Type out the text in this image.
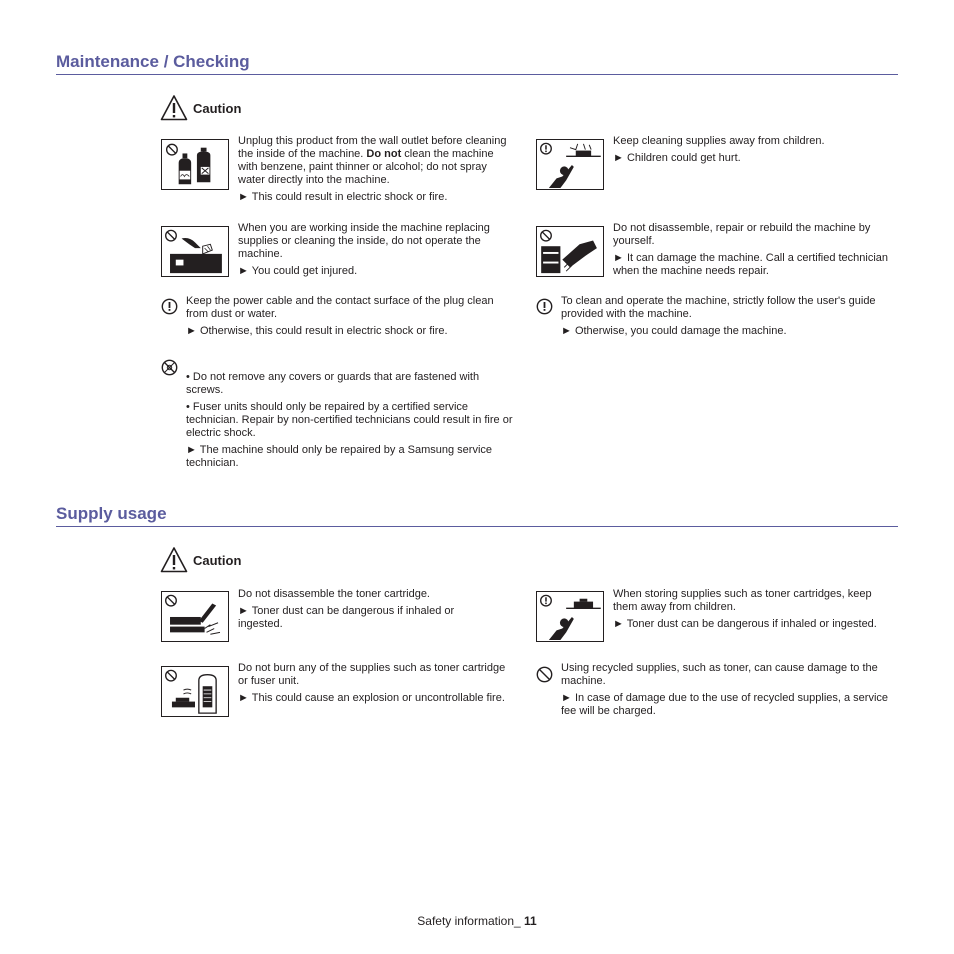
Maintenance / Checking
Caution

Unplug this product from the wall outlet before cleaning the inside of the machine. Do not clean the machine with benzene, paint thinner or alcohol; do not spray water directly into the machine.

► This could result in electric shock or fire.

Keep cleaning supplies away from children.

► Children could get hurt.

When you are working inside the machine replacing supplies or cleaning the inside, do not operate the machine.

► You could get injured.

Do not disassemble, repair or rebuild the machine by yourself.

► It can damage the machine. Call a certified technician when the machine needs repair.

Keep the power cable and the contact surface of the plug clean from dust or water.

► Otherwise, this could result in electric shock or fire.

To clean and operate the machine, strictly follow the user's guide provided with the machine.

► Otherwise, you could damage the machine.

• Do not remove any covers or guards that are fastened with screws.

• Fuser units should only be repaired by a certified service technician. Repair by non-certified technicians could result in fire or electric shock.

► The machine should only be repaired by a Samsung service technician.

Supply usage
Caution

Do not disassemble the toner cartridge.

► Toner dust can be dangerous if inhaled or ingested.

When storing supplies such as toner cartridges, keep them away from children.

► Toner dust can be dangerous if inhaled or ingested.

Do not burn any of the supplies such as toner cartridge or fuser unit.

► This could cause an explosion or uncontrollable fire.

Using recycled supplies, such as toner, can cause damage to the machine.

► In case of damage due to the use of recycled supplies, a service fee will be charged.

Safety information_ 11
